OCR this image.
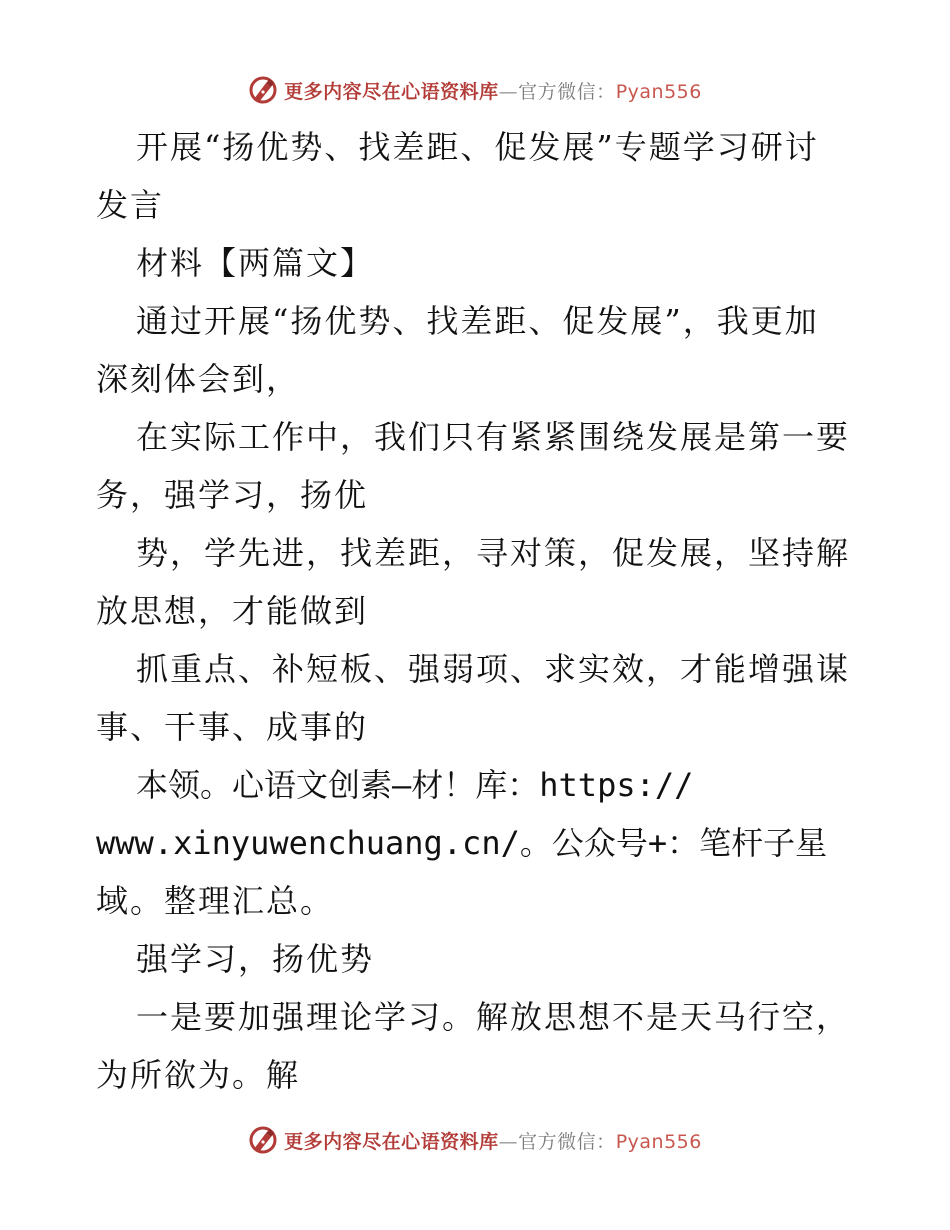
更多内容尽在心语资料库—官方微信：Pyan556
开展“扬优势、找差距、促发展”专题学习研讨
发言
材料【两篇文】
通过开展“扬优势、找差距、促发展”，我更加
深刻体会到，
在实际工作中，我们只有紧紧围绕发展是第一要
务，强学习，扬优
势，学先进，找差距，寻对策，促发展，坚持解
放思想，才能做到
抓重点、补短板、强弱项、求实效，才能增强谋
事、干事、成事的
本领。心语文创素—材！库：https://
www.xinyuwenchuang.cn/。公众号+：笔杆子星
域。整理汇总。
强学习，扬优势
一是要加强理论学习。解放思想不是天马行空，
为所欲为。解
更多内容尽在心语资料库—官方微信：Pyan556
